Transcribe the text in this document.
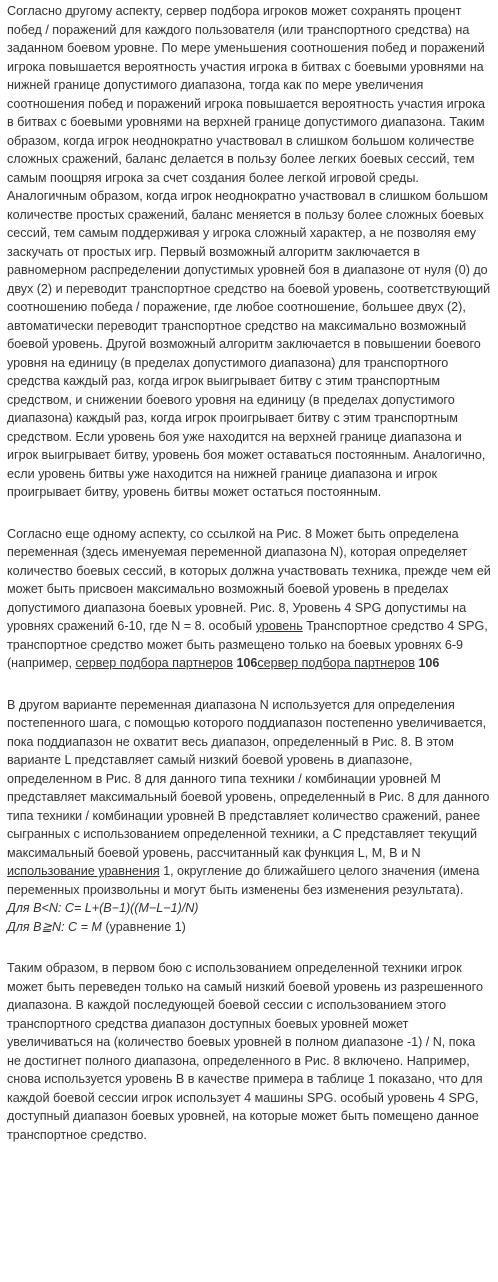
Согласно другому аспекту, сервер подбора игроков может сохранять процент побед / поражений для каждого пользователя (или транспортного средства) на заданном боевом уровне. По мере уменьшения соотношения побед и поражений игрока повышается вероятность участия игрока в битвах с боевыми уровнями на нижней границе допустимого диапазона, тогда как по мере увеличения соотношения побед и поражений игрока повышается вероятность участия игрока в битвах с боевыми уровнями на верхней границе допустимого диапазона. Таким образом, когда игрок неоднократно участвовал в слишком большом количестве сложных сражений, баланс делается в пользу более легких боевых сессий, тем самым поощряя игрока за счет создания более легкой игровой среды. Аналогичным образом, когда игрок неоднократно участвовал в слишком большом количестве простых сражений, баланс меняется в пользу более сложных боевых сессий, тем самым поддерживая у игрока сложный характер, а не позволяя ему заскучать от простых игр. Первый возможный алгоритм заключается в равномерном распределении допустимых уровней боя в диапазоне от нуля (0) до двух (2) и переводит транспортное средство на боевой уровень, соответствующий соотношению победа / поражение, где любое соотношение, большее двух (2), автоматически переводит транспортное средство на максимально возможный боевой уровень. Другой возможный алгоритм заключается в повышении боевого уровня на единицу (в пределах допустимого диапазона) для транспортного средства каждый раз, когда игрок выигрывает битву с этим транспортным средством, и снижении боевого уровня на единицу (в пределах допустимого диапазона) каждый раз, когда игрок проигрывает битву с этим транспортным средством. Если уровень боя уже находится на верхней границе диапазона и игрок выигрывает битву, уровень боя может оставаться постоянным. Аналогично, если уровень битвы уже находится на нижней границе диапазона и игрок проигрывает битву, уровень битвы может остаться постоянным.

Согласно еще одному аспекту, со ссылкой на Рис. 8 Может быть определена переменная (здесь именуемая переменной диапазона N), которая определяет количество боевых сессий, в которых должна участвовать техника, прежде чем ей может быть присвоен максимально возможный боевой уровень в пределах допустимого диапазона боевых уровней. Рис. 8, Уровень 4 SPG допустимы на уровнях сражений 6-10, где N = 8. особый уровень Транспортное средство 4 SPG, транспортное средство может быть размещено только на боевых уровнях 6-9 (например, сервер подбора партнеров 106сервер подбора партнеров 106

В другом варианте переменная диапазона N используется для определения постепенного шага, с помощью которого поддиапазон постепенно увеличивается, пока поддиапазон не охватит весь диапазон, определенный в Рис. 8. В этом варианте L представляет самый низкий боевой уровень в диапазоне, определенном в Рис. 8 для данного типа техники / комбинации уровней M представляет максимальный боевой уровень, определенный в Рис. 8 для данного типа техники / комбинации уровней B представляет количество сражений, ранее сыгранных с использованием определенной техники, а C представляет текущий максимальный боевой уровень, рассчитанный как функция L, M, B и N использование уравнения 1, округление до ближайшего целого значения (имена переменных произвольны и могут быть изменены без изменения результата).
Для B<N: C= L+(B−1)((M−L−1)/N)
Для B≧N: C = M (уравнение 1)

Таким образом, в первом бою с использованием определенной техники игрок может быть переведен только на самый низкий боевой уровень из разрешенного диапазона. В каждой последующей боевой сессии с использованием этого транспортного средства диапазон доступных боевых уровней может увеличиваться на (количество боевых уровней в полном диапазоне -1) / N, пока не достигнет полного диапазона, определенного в Рис. 8 включено. Например, снова используется уровень B в качестве примера в таблице 1 показано, что для каждой боевой сессии игрок использует 4 машины SPG. особый уровень 4 SPG, доступный диапазон боевых уровней, на которые может быть помещено данное транспортное средство.
